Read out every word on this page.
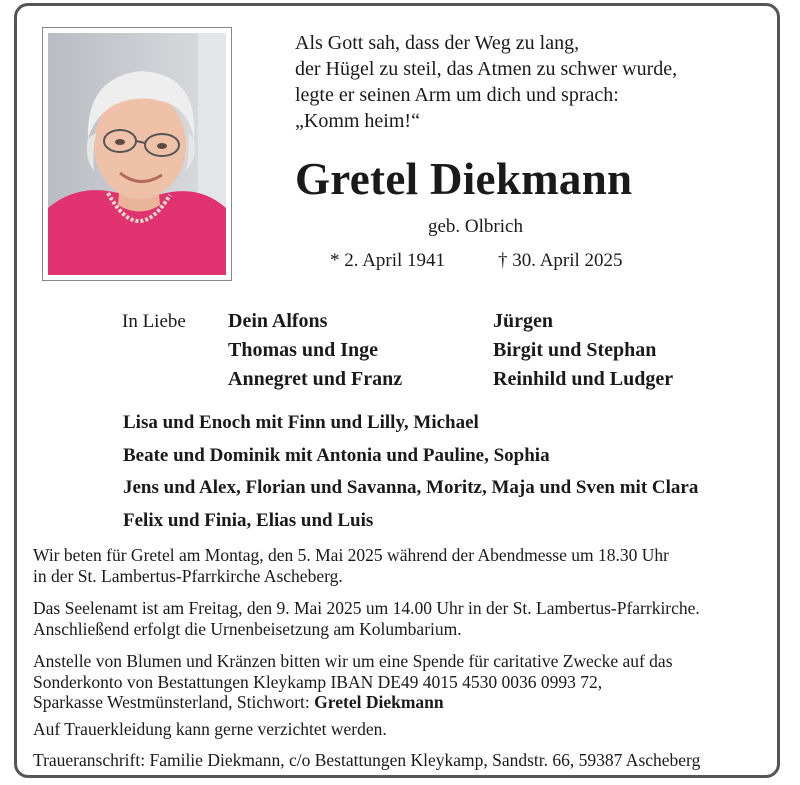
Als Gott sah, dass der Weg zu lang,
der Hügel zu steil, das Atmen zu schwer wurde,
legte er seinen Arm um dich und sprach:
„Komm heim!“
Gretel Diekmann
geb. Olbrich
* 2. April 1941	† 30. April 2025
In Liebe Dein Alfons
Thomas und Inge
Annegret und Franz
Jürgen
Birgit und Stephan
Reinhild und Ludger
Lisa und Enoch mit Finn und Lilly, Michael
Beate und Dominik mit Antonia und Pauline, Sophia
Jens und Alex, Florian und Savanna, Moritz, Maja und Sven mit Clara
Felix und Finia, Elias und Luis
Wir beten für Gretel am Montag, den 5. Mai 2025 während der Abendmesse um 18.30 Uhr
in der St. Lambertus-Pfarrkirche Ascheberg.
Das Seelenamt ist am Freitag, den 9. Mai 2025 um 14.00 Uhr in der St. Lambertus-Pfarrkirche.
Anschließend erfolgt die Urnenbeisetzung am Kolumbarium.
Anstelle von Blumen und Kränzen bitten wir um eine Spende für caritative Zwecke auf das
Sonderkonto von Bestattungen Kleykamp IBAN DE49 4015 4530 0036 0993 72,
Sparkasse Westmünsterland, Stichwort: Gretel Diekmann
Auf Trauerkleidung kann gerne verzichtet werden.
Traueranschrift: Familie Diekmann, c/o Bestattungen Kleykamp, Sandstr. 66, 59387 Ascheberg
